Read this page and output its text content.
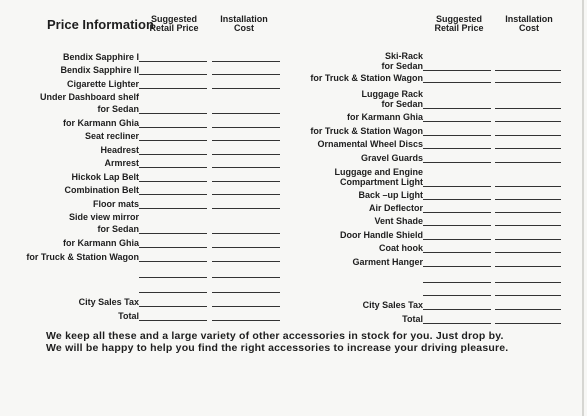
Price Information
Suggested
Retail Price
Installation
Cost
Suggested
Retail Price
Installation
Cost
Bendix Sapphire I
Bendix Sapphire II
Cigarette Lighter
Under Dashboard shelf
for Sedan
for Karmann Ghia
Seat recliner
Headrest
Armrest
Hickok Lap Belt
Combination Belt
Floor mats
Side view mirror
for Sedan
for Karmann Ghia
for Truck & Station Wagon
City Sales Tax
Total
Ski-Rack
for Sedan
for Truck & Station Wagon
Luggage Rack
for Sedan
for Karmann Ghia
for Truck & Station Wagon
Ornamental Wheel Discs
Gravel Guards
Luggage and Engine
Compartment Light
Back –up Light
Air Deflector
Vent Shade
Door Handle Shield
Coat hook
Garment Hanger
City Sales Tax
Total
We keep all these and a large variety of other accessories in stock for you. Just drop by.
We will be happy to help you find the right accessories to increase your driving pleasure.
